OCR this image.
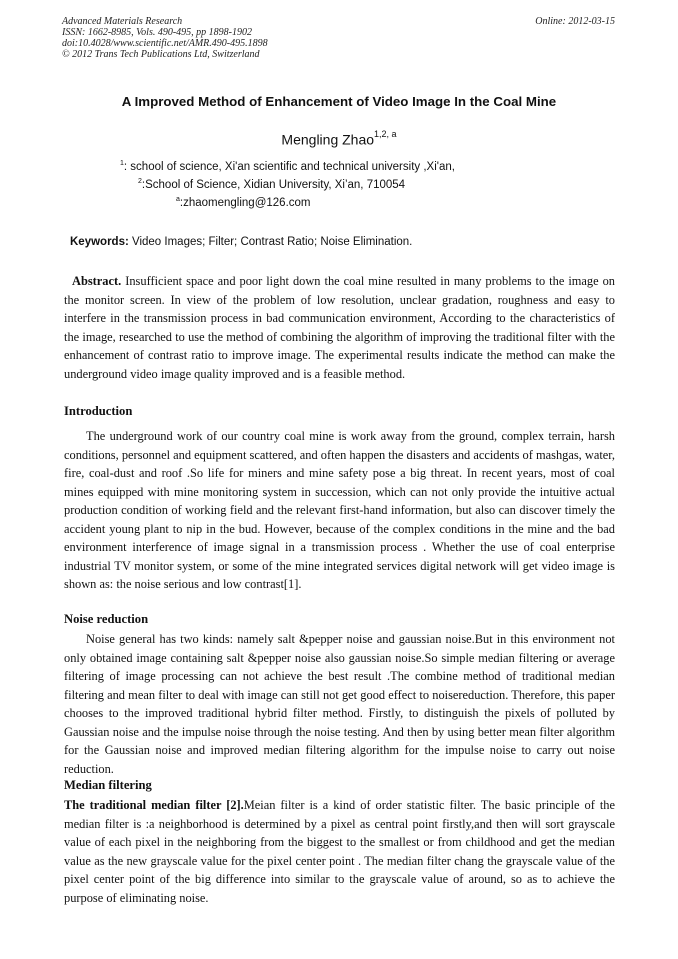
Advanced Materials Research
ISSN: 1662-8985, Vols. 490-495, pp 1898-1902
doi:10.4028/www.scientific.net/AMR.490-495.1898
© 2012 Trans Tech Publications Ltd, Switzerland
Online: 2012-03-15
A Improved Method of Enhancement of Video Image In the Coal Mine
Mengling Zhao$^{1,2, a}$
$^1$: school of science, Xi'an scientific and technical university ,Xi'an,
$^2$:School of Science, Xidian University, Xi’an, 710054
$^a$:zhaomengling@126.com
Keywords: Video Images; Filter; Contrast Ratio; Noise Elimination.

Abstract. Insufficient space and poor light down the coal mine resulted in many problems to the image on the monitor screen. In view of the problem of low resolution, unclear gradation, roughness and easy to interfere in the transmission process in bad communication environment, According to the characteristics of the image, researched to use the method of combining the algorithm of improving the traditional filter with the enhancement of contrast ratio to improve image. The experimental results indicate the method can make the underground video image quality improved and is a feasible method.

Introduction

The underground work of our country coal mine is work away from the ground, complex terrain, harsh conditions, personnel and equipment scattered, and often happen the disasters and accidents of mashgas, water, fire, coal-dust and roof .So life for miners and mine safety pose a big threat. In recent years, most of coal mines equipped with mine monitoring system in succession, which can not only provide the intuitive actual production condition of working field and the relevant first-hand information, but also can discover timely the accident young plant to nip in the bud. However, because of the complex conditions in the mine and the bad environment interference of image signal in a transmission process . Whether the use of coal enterprise industrial TV monitor system, or some of the mine integrated services digital network will get video image is shown as: the noise serious and low contrast[1].

Noise reduction

Noise general has two kinds: namely salt &pepper noise and gaussian noise.But in this environment not only obtained image containing salt &pepper noise also gaussian noise.So simple median filtering or average filtering of image processing can not achieve the best result .The combine method of traditional median filtering and mean filter to deal with image can still not get good effect to noisereduction. Therefore, this paper chooses to the improved traditional hybrid filter method. Firstly, to distinguish the pixels of polluted by Gaussian noise and the impulse noise through the noise testing. And then by using better mean filter algorithm for the Gaussian noise and improved median filtering algorithm for the impulse noise to carry out noise reduction.

Median filtering

The traditional median filter [2].Meian filter is a kind of order statistic filter. The basic principle of the median filter is :a neighborhood is determined by a pixel as central point firstly,and then will sort grayscale value of each pixel in the neighboring from the biggest to the smallest or from childhood and get the median value as the new grayscale value for the pixel center point . The median filter chang the grayscale value of the pixel center point of the big difference into similar to the grayscale value of around, so as to achieve the purpose of eliminating noise.
